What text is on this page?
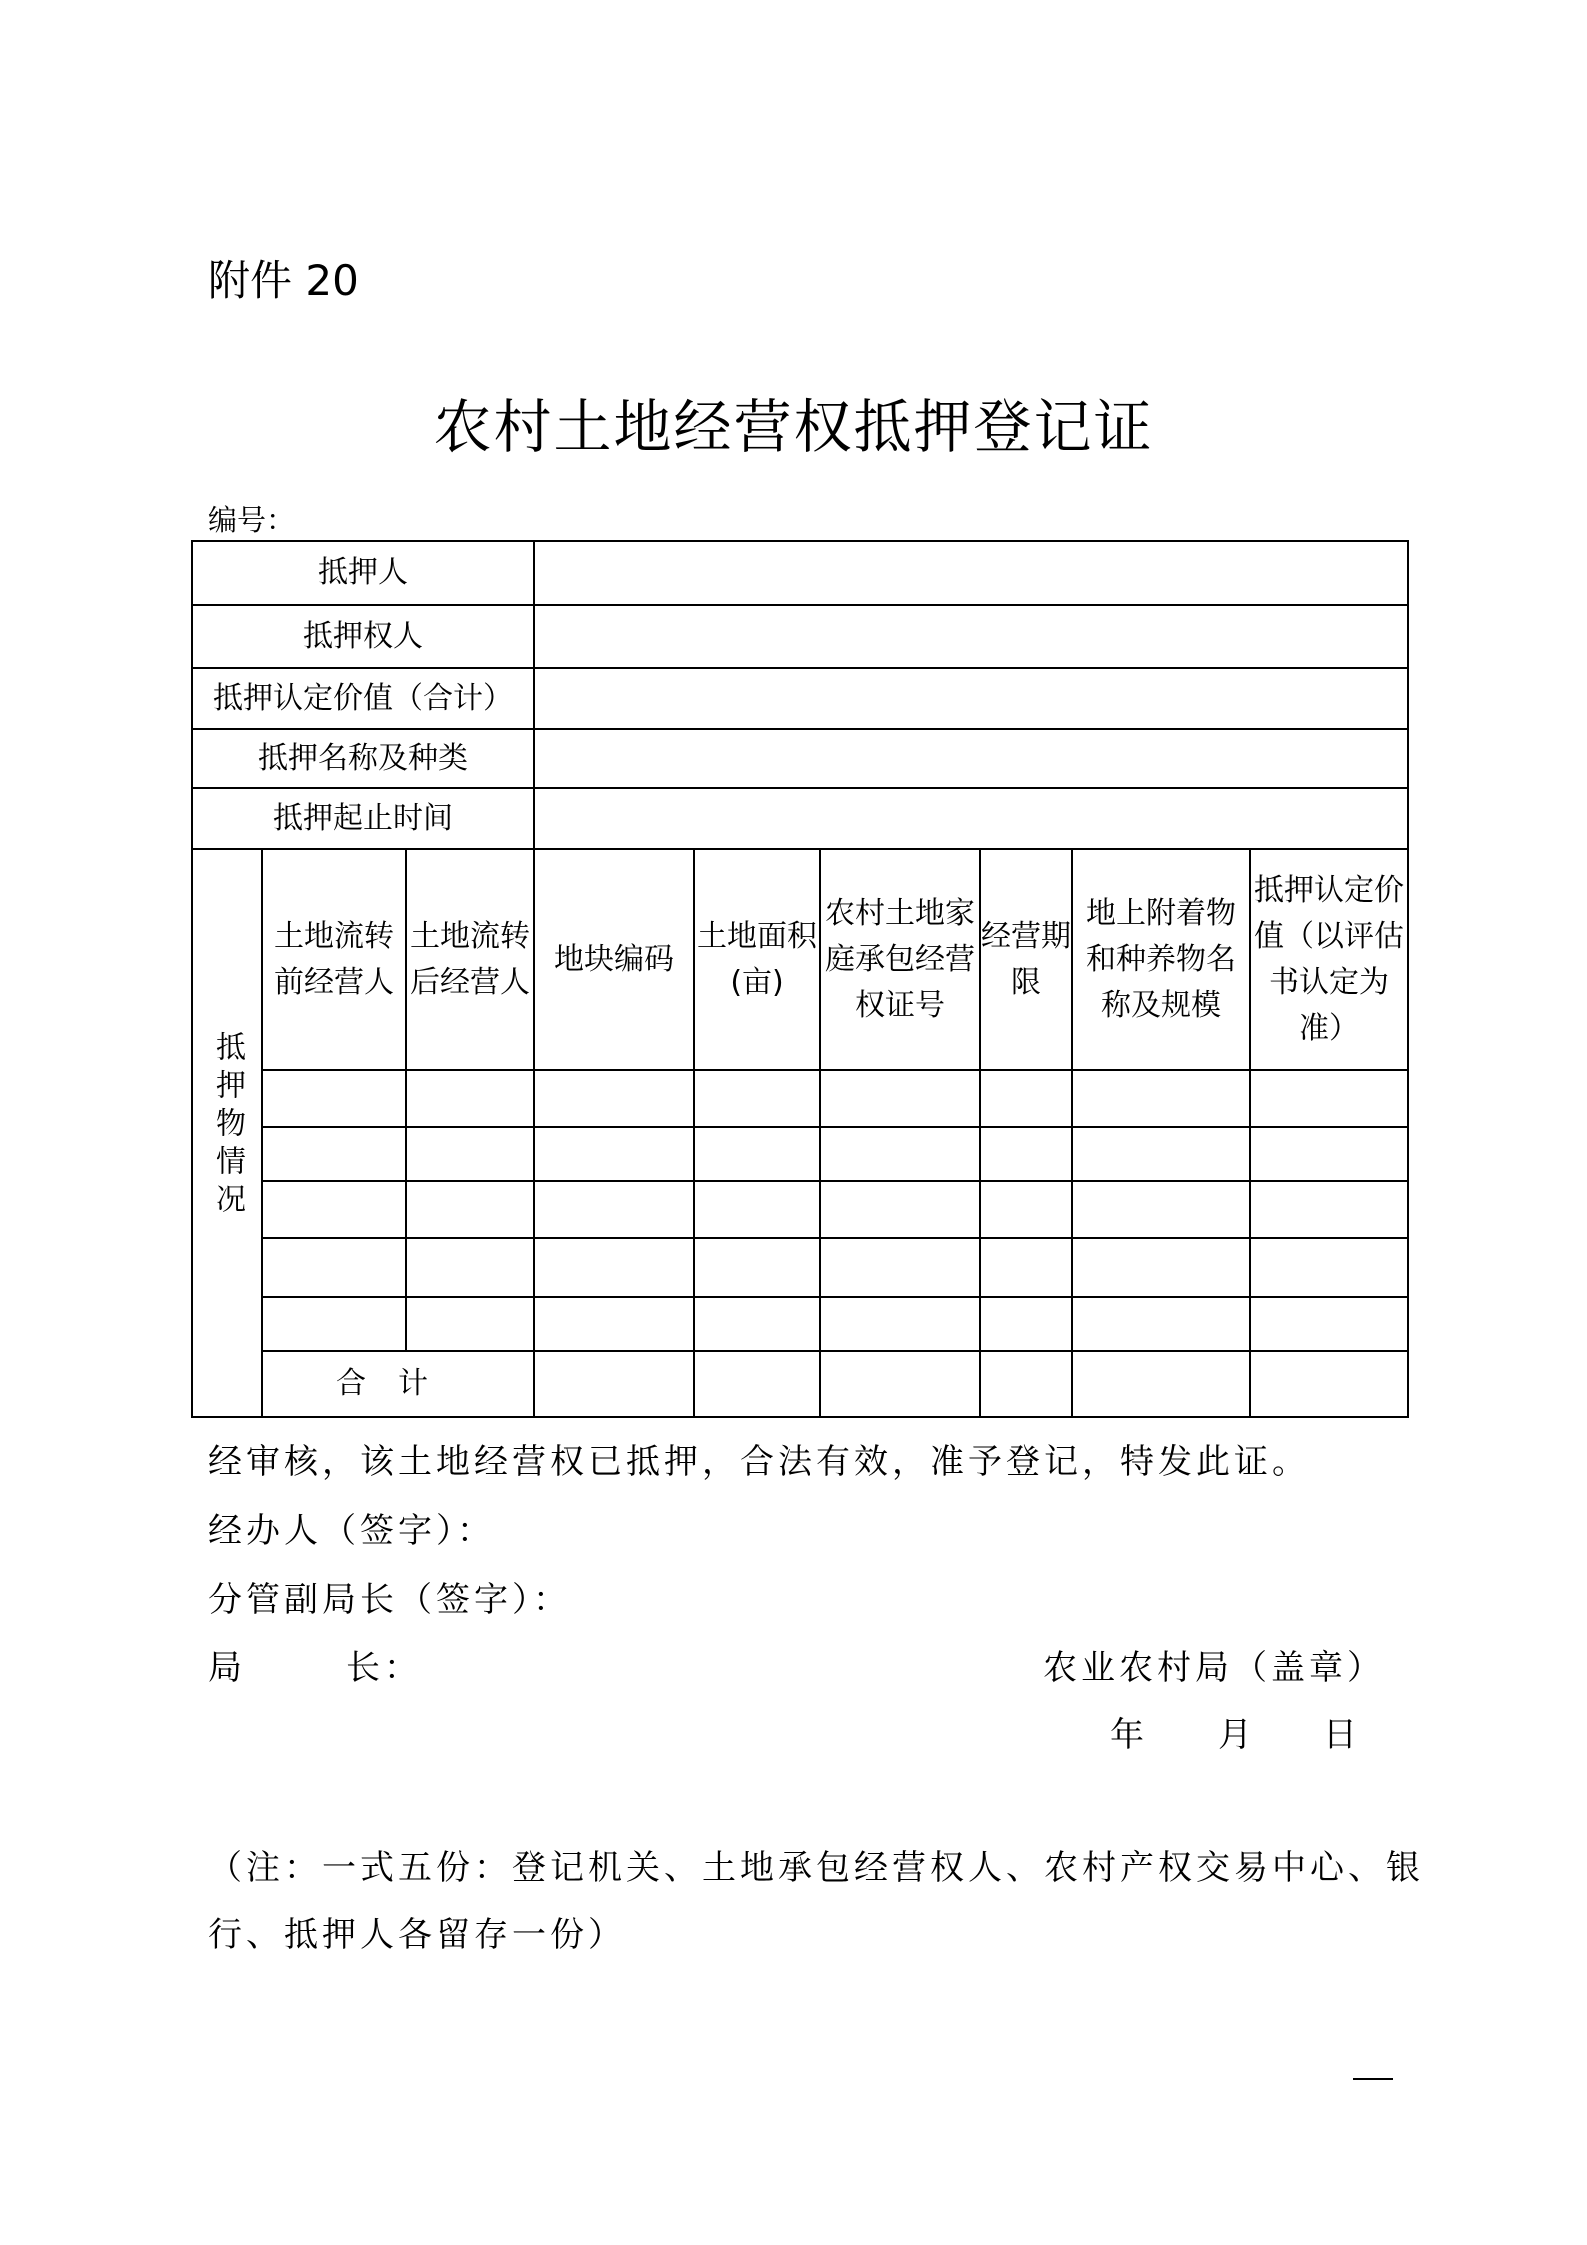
附件 20
农村土地经营权抵押登记证
编号：
抵押人								
抵押权人								
抵押认定价值（合计）								
抵押名称及种类								
抵押起止时间								
抵押物情况	土地流转前经营人	土地流转后经营人	地块编码	土地面积(亩)	农村土地家庭承包经营权证号	经营期限	地上附着物和种养物名称及规模	抵押认定价值（以评估书认定为准）

	合计							
经审核，该土地经营权已抵押，合法有效，准予登记，特发此证。
经办人（签字）：
分管副局长（签字）：
局	长：	农业农村局（盖章）
年 月 日
（注：一式五份：登记机关、土地承包经营权人、农村产权交易中心、银
行、抵押人各留存一份）
